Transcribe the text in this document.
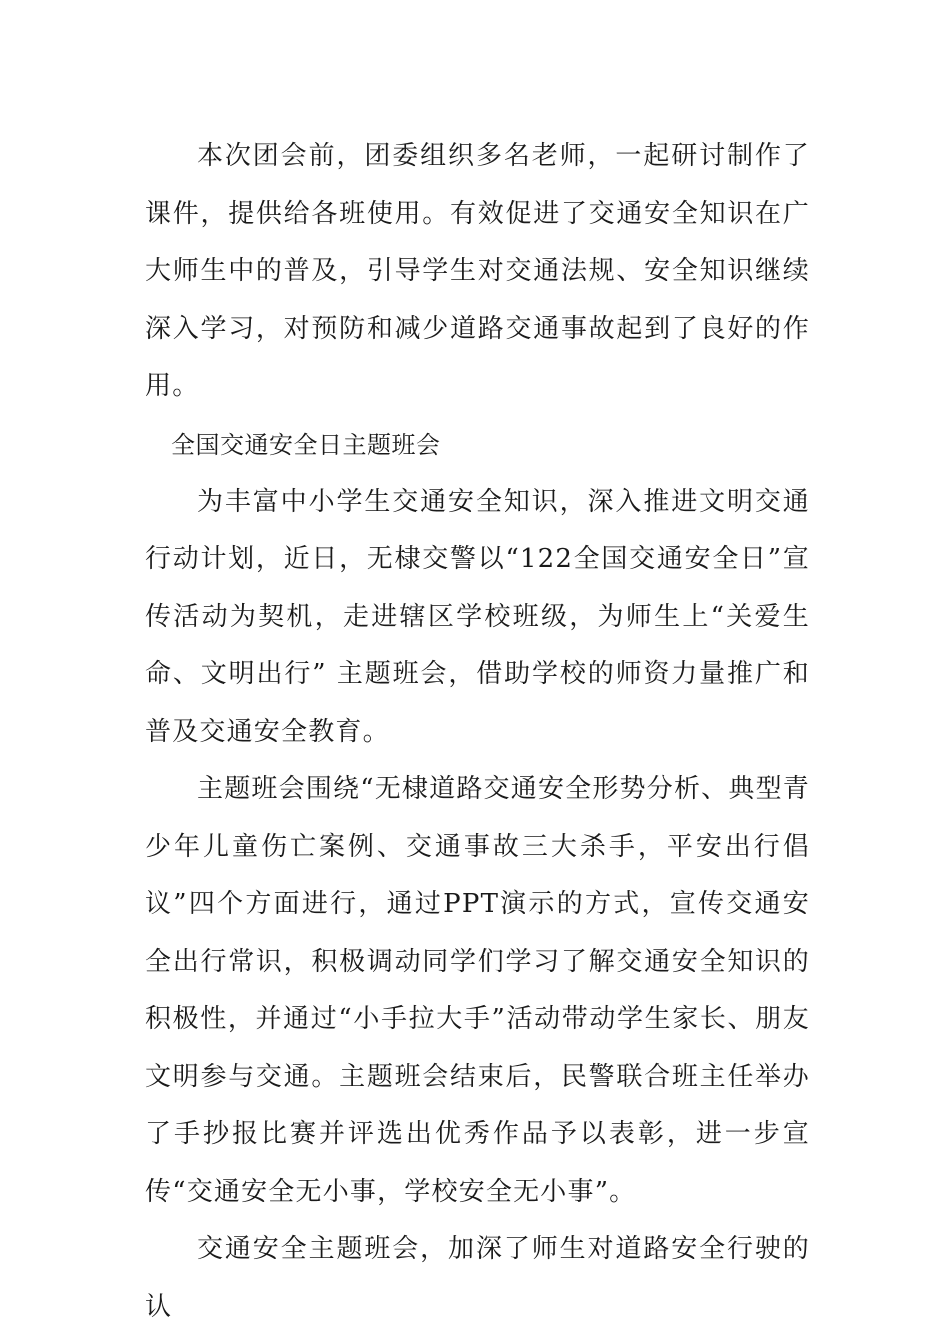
本次团会前，团委组织多名老师，一起研讨制作了课件，提供给各班使用。有效促进了交通安全知识在广大师生中的普及，引导学生对交通法规、安全知识继续深入学习，对预防和减少道路交通事故起到了良好的作用。

全国交通安全日主题班会

为丰富中小学生交通安全知识，深入推进文明交通行动计划，近日，无棣交警以“122全国交通安全日”宣传活动为契机，走进辖区学校班级，为师生上“关爱生命、文明出行” 主题班会，借助学校的师资力量推广和普及交通安全教育。

主题班会围绕“无棣道路交通安全形势分析、典型青少年儿童伤亡案例、交通事故三大杀手，平安出行倡议”四个方面进行，通过PPT演示的方式，宣传交通安全出行常识，积极调动同学们学习了解交通安全知识的积极性，并通过“小手拉大手”活动带动学生家长、朋友文明参与交通。主题班会结束后，民警联合班主任举办了手抄报比赛并评选出优秀作品予以表彰，进一步宣传“交通安全无小事，学校安全无小事”。

交通安全主题班会，加深了师生对道路安全行驶的认
